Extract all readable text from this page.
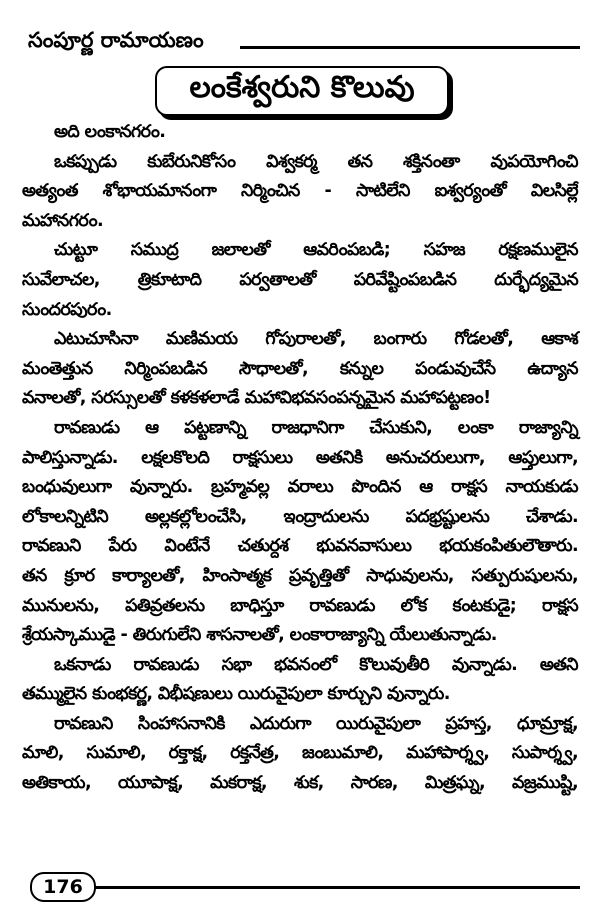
సంపూర్ణ రామాయణం
లంకేశ్వరుని కొలువు
అది లంకానగరం.
ఒకప్పుడు కుబేరునికోసం విశ్వకర్మ తన శక్తినంతా వుపయోగించి
అత్యంత శోభాయమానంగా నిర్మించిన - సాటిలేని ఐశ్వర్యంతో విలసిల్లే
మహానగరం.
చుట్టూ సముద్ర జలాలతో ఆవరింపబడి; సహజ రక్షణములైన
సువేలాచల, త్రికూటాది పర్వతాలతో పరివేష్టింపబడిన దుర్భేద్యమైన
సుందరపురం.
ఎటుచూసినా మణిమయ గోపురాలతో, బంగారు గోడలతో, ఆకాశ
మంతెత్తున నిర్మింపబడిన సౌధాలతో, కన్నుల పండువుచేసే ఉద్యాన
వనాలతో, సరస్సులతో కళకళలాడే మహావిభవసంపన్నమైన మహాపట్టణం!
రావణుడు ఆ పట్టణాన్ని రాజధానిగా చేసుకుని, లంకా రాజ్యాన్ని
పాలిస్తున్నాడు. లక్షలకొలది రాక్షసులు అతనికి అనుచరులుగా, ఆప్తులుగా,
బంధువులుగా వున్నారు. బ్రహ్మవల్ల వరాలు పొందిన ఆ రాక్షస నాయకుడు
లోకాలన్నిటిని అల్లకల్లోలంచేసి, ఇంద్రాదులను పదభ్రష్టులను చేశాడు.
రావణుని పేరు వింటేనే చతుర్దశ భువనవాసులు భయకంపితులౌతారు.
తన క్రూర కార్యాలతో, హింసాత్మక ప్రవృత్తితో సాధువులను, సత్పురుషులను,
మునులను, పతివ్రతలను బాధిస్తూ రావణుడు లోక కంటకుడై; రాక్షస
శ్రేయస్కాముడై - తిరుగులేని శాసనాలతో, లంకారాజ్యాన్ని యేలుతున్నాడు.
ఒకనాడు రావణుడు సభా భవనంలో కొలువుతీరి వున్నాడు. అతని
తమ్ములైన కుంభకర్ణ, విభీషణులు యిరువైపులా కూర్చుని వున్నారు.
రావణుని సింహాసనానికి ఎదురుగా యిరువైపులా ప్రహస్త, ధూమ్రాక్ష,
మాలి, సుమాలి, రక్తాక్ష, రక్తనేత్ర, జంబుమాలి, మహాపార్శ్వ, సుపార్శ్వ,
అతికాయ, యూపాక్ష, మకరాక్ష, శుక, సారణ, మిత్రఘ్న, వజ్రముష్టి,
176
